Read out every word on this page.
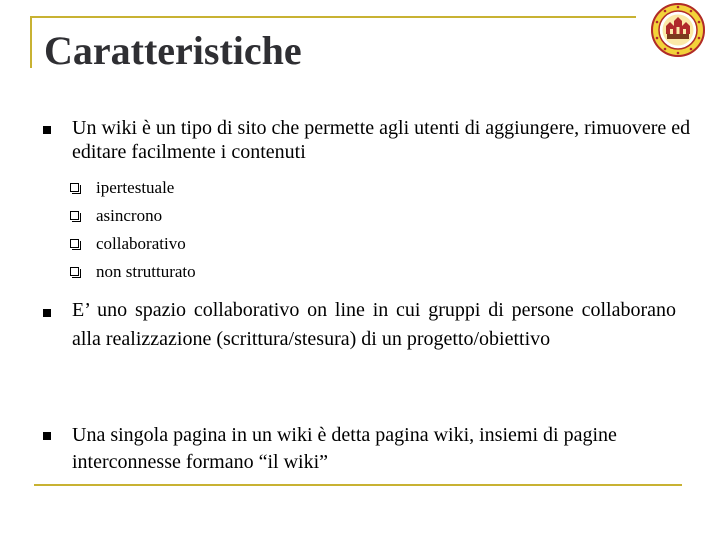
Caratteristiche
Un wiki è un tipo di sito che permette agli utenti di aggiungere, rimuovere ed editare facilmente i contenuti
ipertestuale
asincrono
collaborativo
non strutturato
E’ uno spazio collaborativo on line in cui gruppi di persone collaborano alla realizzazione (scrittura/stesura) di un progetto/obiettivo
Una singola pagina in un wiki è detta pagina wiki, insiemi di pagine interconnesse formano “il wiki”
